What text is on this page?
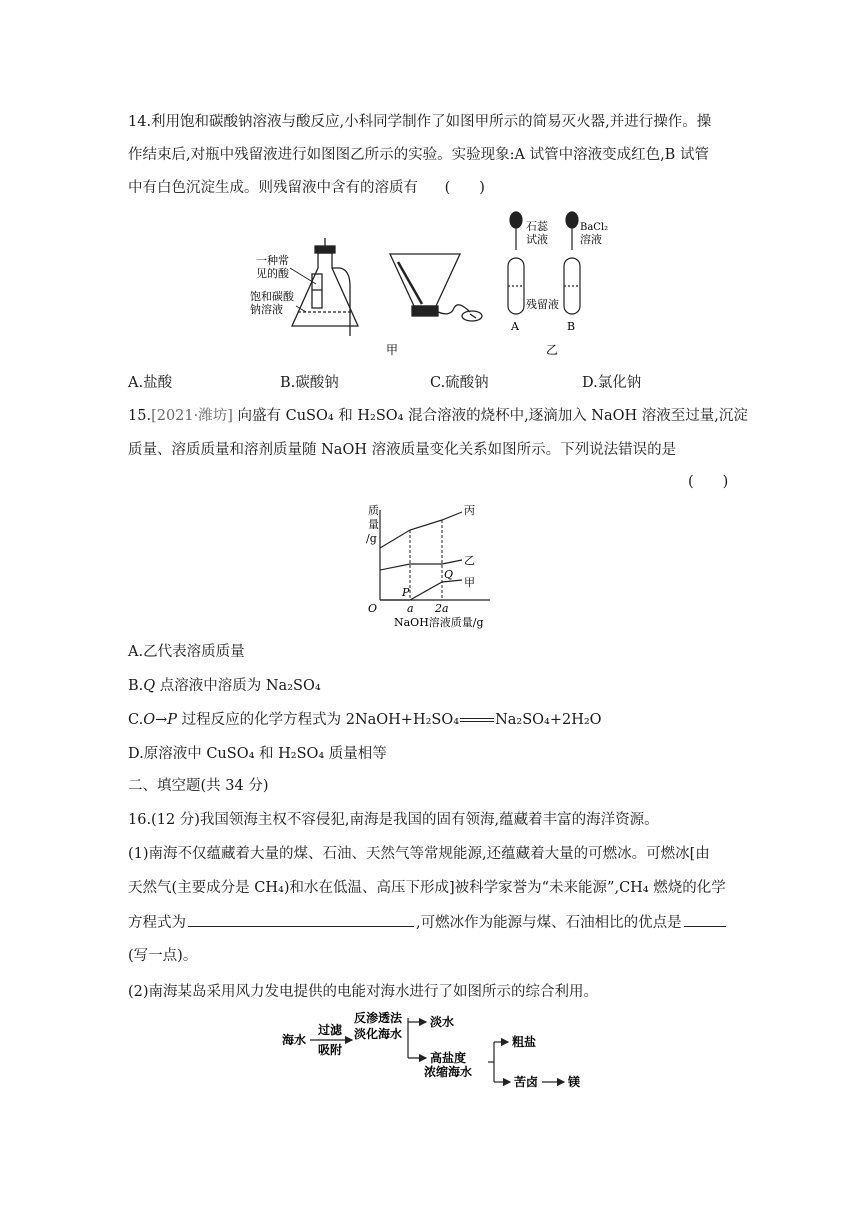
14.利用饱和碳酸钠溶液与酸反应,小科同学制作了如图甲所示的简易灭火器,并进行操作。操
作结束后,对瓶中残留液进行如图图乙所示的实验。实验现象:A 试管中溶液变成红色,B 试管
中有白色沉淀生成。则残留液中含有的溶质有 (　　)
一种常
见的酸
饱和碳酸
钠溶液
甲
石蕊
试液
BaCl₂
溶液
残留液
A	B
乙
A.盐酸	B.碳酸钠	C.硫酸钠	D.氯化钠
15.[2021·潍坊] 向盛有 CuSO₄ 和 H₂SO₄ 混合溶液的烧杯中,逐滴加入 NaOH 溶液至过量,沉淀
质量、溶质质量和溶剂质量随 NaOH 溶液质量变化关系如图所示。下列说法错误的是
(　　)
质
量
/g
丙
乙
甲
P
Q
O	a 2a
NaOH溶液质量/g
A.乙代表溶质质量
B.Q 点溶液中溶质为 Na₂SO₄
C.O→P 过程反应的化学方程式为 2NaOH+H₂SO₄ Na₂SO₄+2H₂O
D.原溶液中 CuSO₄ 和 H₂SO₄ 质量相等
二、填空题(共 34 分)
16.(12 分)我国领海主权不容侵犯,南海是我国的固有领海,蕴藏着丰富的海洋资源。
(1)南海不仅蕴藏着大量的煤、石油、天然气等常规能源,还蕴藏着大量的可燃冰。可燃冰[由
天然气(主要成分是 CH₄)和水在低温、高压下形成]被科学家誉为“未来能源”,CH₄ 燃烧的化学
方程式为	,可燃冰作为能源与煤、石油相比的优点是
(写一点)。
(2)南海某岛采用风力发电提供的电能对海水进行了如图所示的综合利用。
海水
过滤
吸附
反渗透法
淡化海水
淡水
高盐度
浓缩海水
粗盐
苦卤 镁
